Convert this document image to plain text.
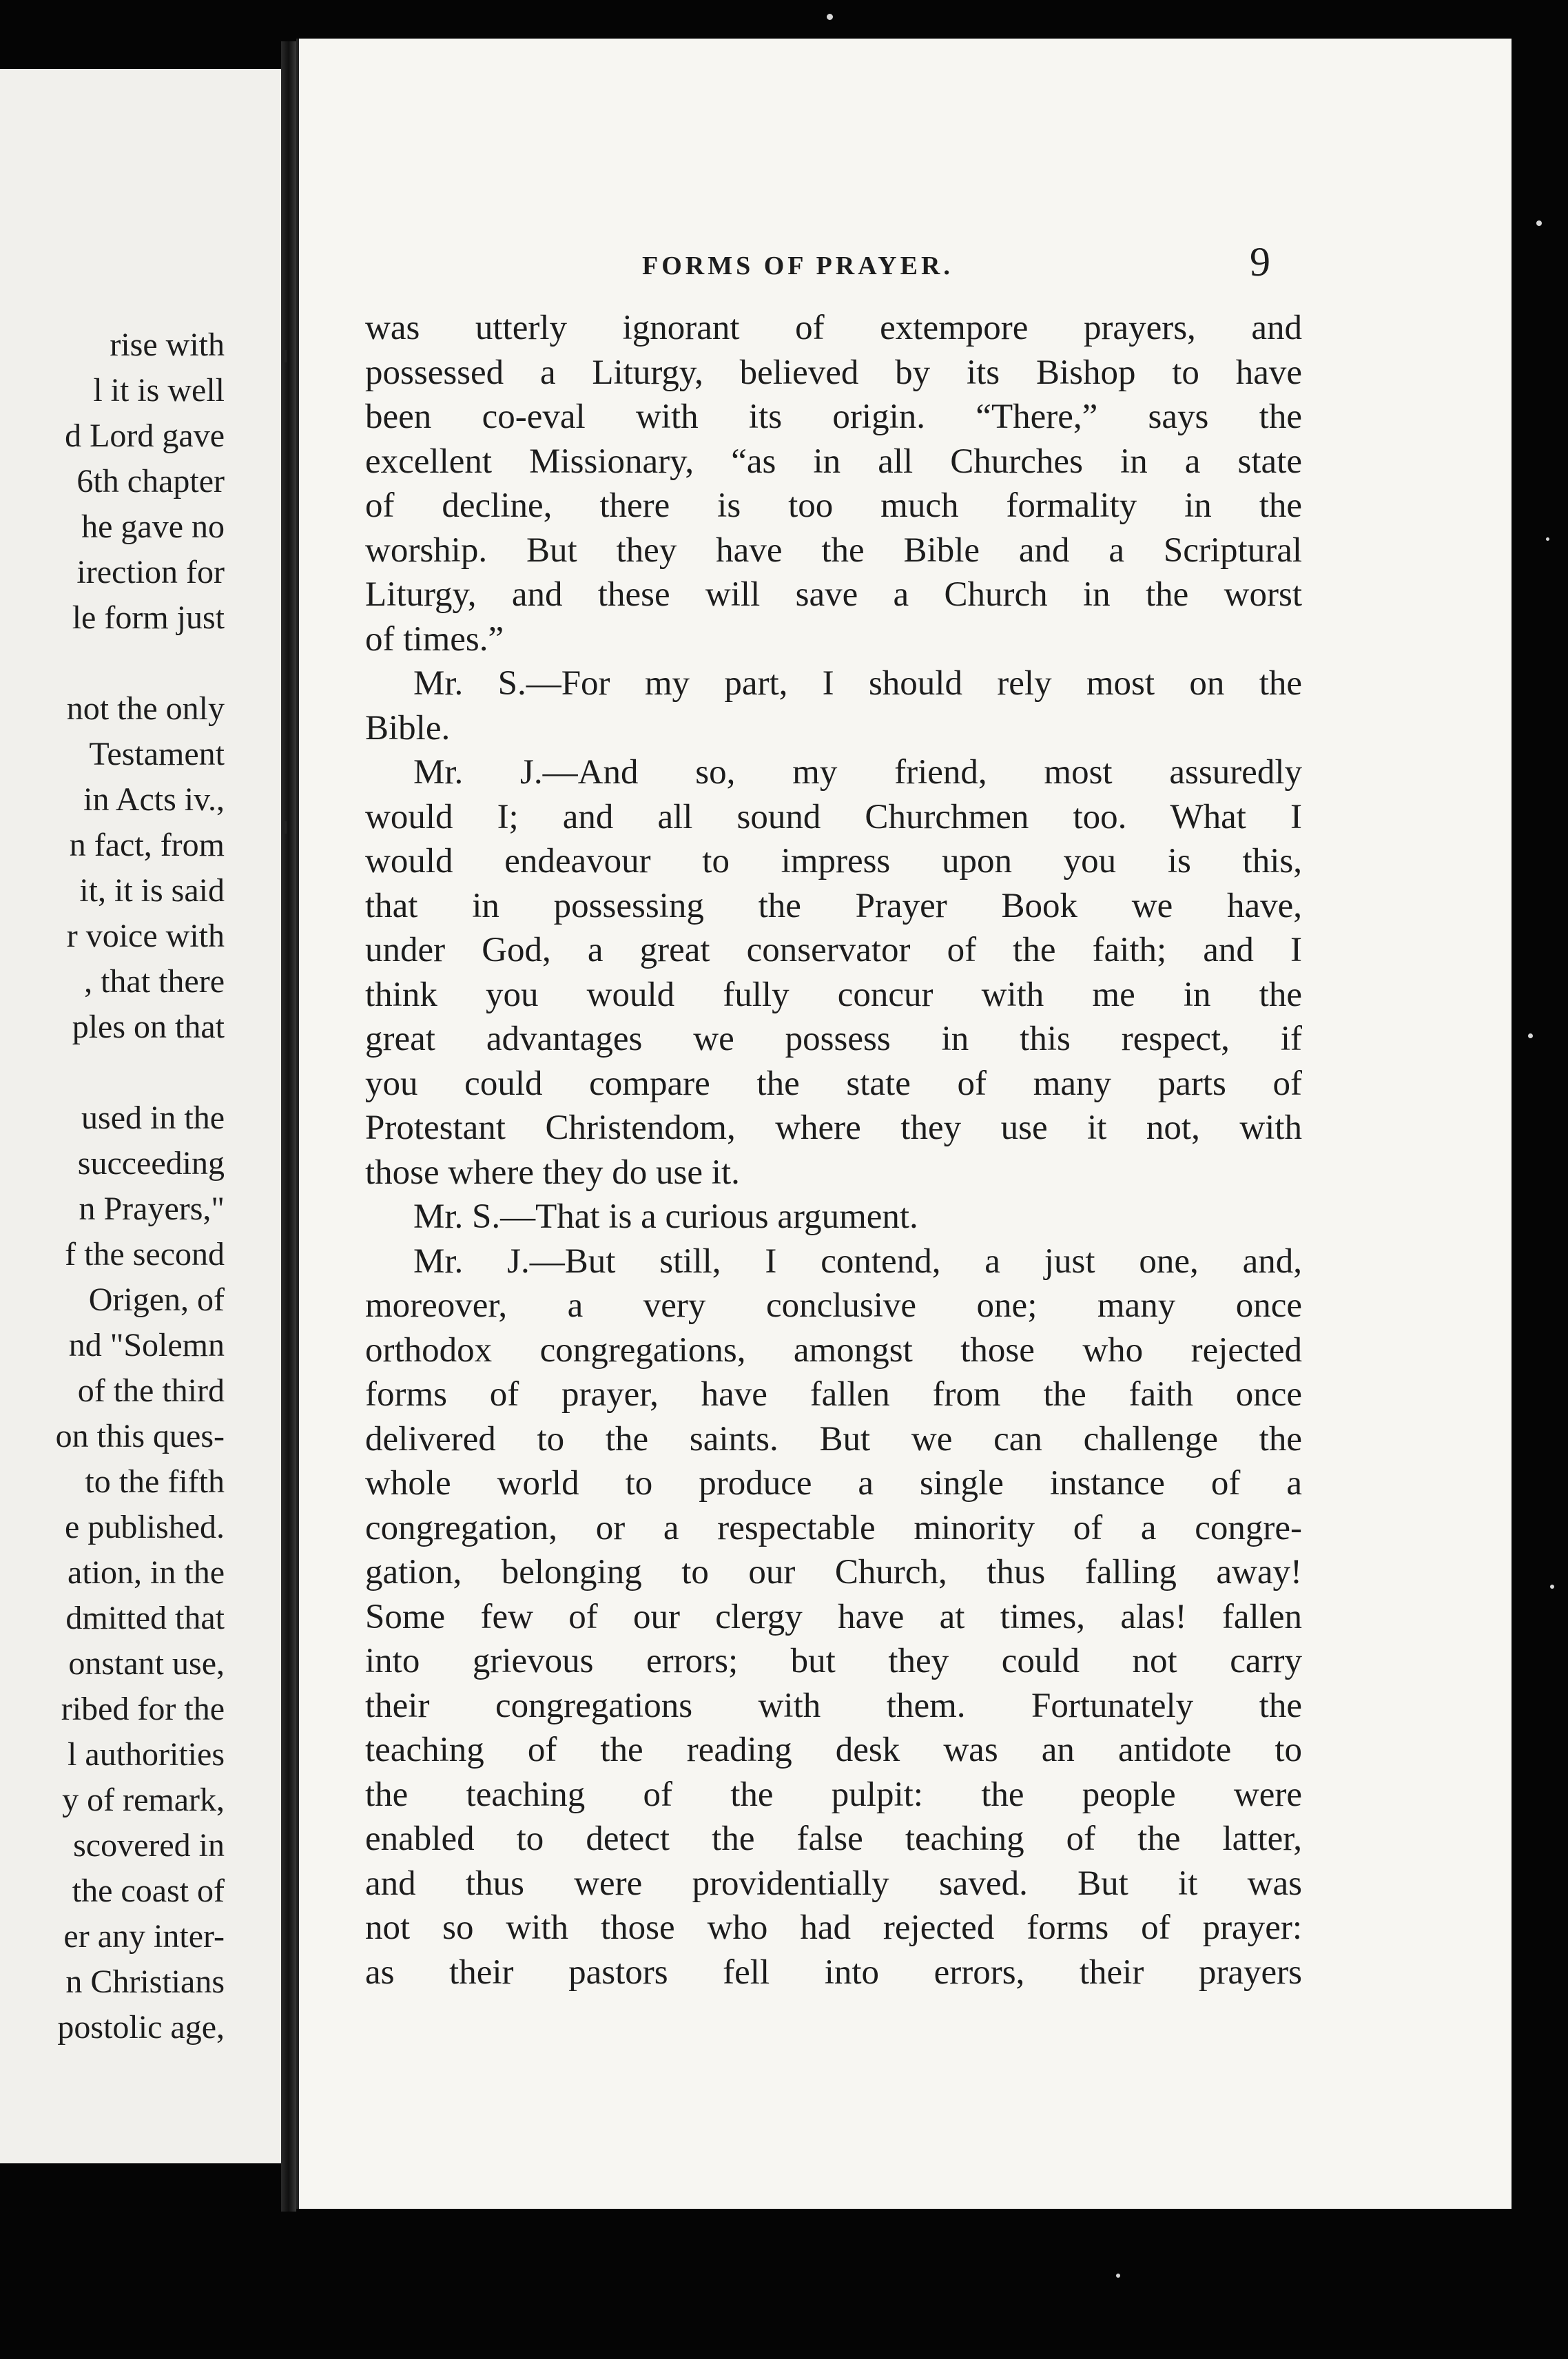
rise with
l it is well
d Lord gave
6th chapter
he gave no
irection for
le form just
not the only
Testament
in Acts iv.,
n fact, from
it, it is said
r voice with
, that there
ples on that
used in the
succeeding
n Prayers,"
f the second
Origen, of
nd "Solemn
of the third
on this ques-
to the fifth
e published.
ation, in the
dmitted that
onstant use,
ribed for the
l authorities
y of remark,
scovered in
the coast of
er any inter-
n Christians
postolic age,
FORMS OF PRAYER.	9
was utterly ignorant of extempore prayers, and
possessed a Liturgy, believed by its Bishop to have
been co-eval with its origin. “There,” says the
excellent Missionary, “as in all Churches in a state
of decline, there is too much formality in the
worship. But they have the Bible and a Scriptural
Liturgy, and these will save a Church in the worst
of times.”
Mr. S.—For my part, I should rely most on the
Bible.
Mr. J.—And so, my friend, most assuredly
would I; and all sound Churchmen too. What I
would endeavour to impress upon you is this,
that in possessing the Prayer Book we have,
under God, a great conservator of the faith; and I
think you would fully concur with me in the
great advantages we possess in this respect, if
you could compare the state of many parts of
Protestant Christendom, where they use it not, with
those where they do use it.
Mr. S.—That is a curious argument.
Mr. J.—But still, I contend, a just one, and,
moreover, a very conclusive one; many once
orthodox congregations, amongst those who rejected
forms of prayer, have fallen from the faith once
delivered to the saints. But we can challenge the
whole world to produce a single instance of a
congregation, or a respectable minority of a congre-
gation, belonging to our Church, thus falling away!
Some few of our clergy have at times, alas! fallen
into grievous errors; but they could not carry
their congregations with them. Fortunately the
teaching of the reading desk was an antidote to
the teaching of the pulpit: the people were
enabled to detect the false teaching of the latter,
and thus were providentially saved. But it was
not so with those who had rejected forms of prayer:
as their pastors fell into errors, their prayers
